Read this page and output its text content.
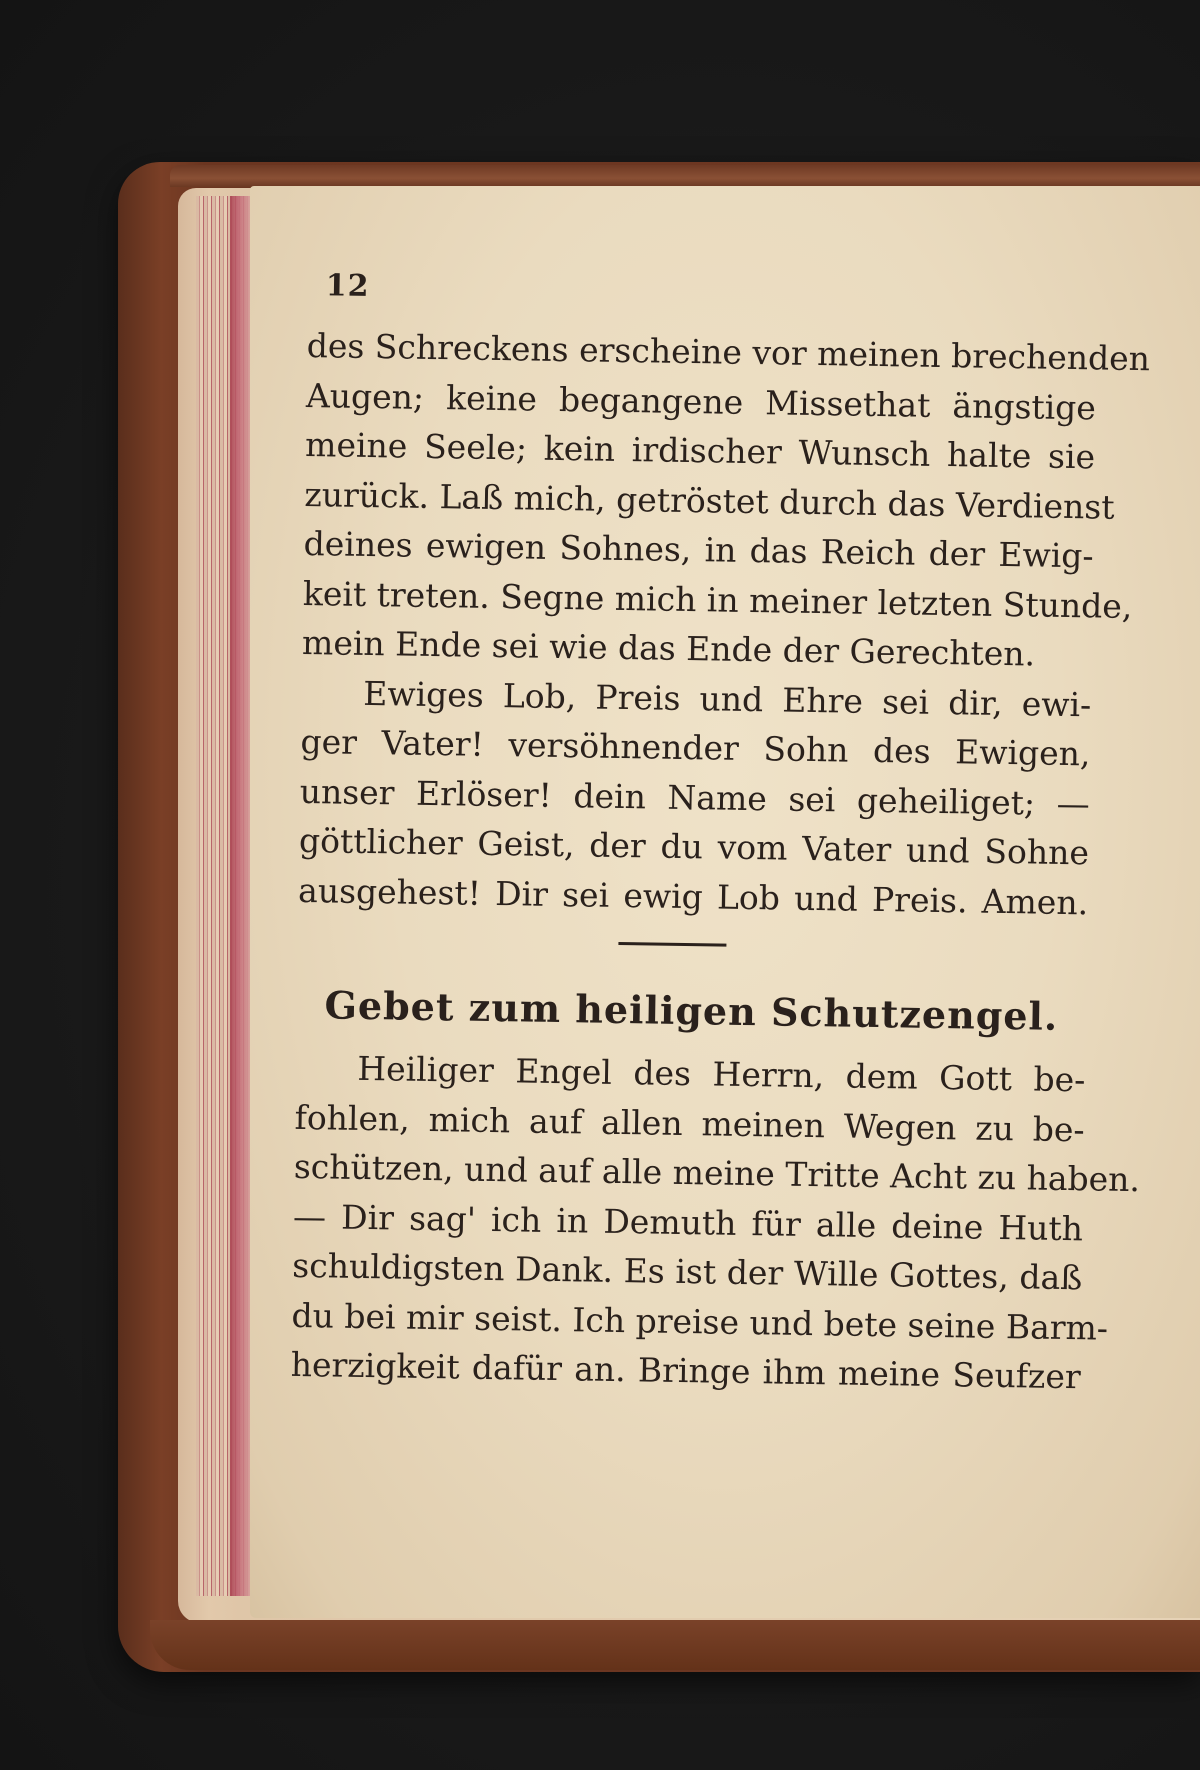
12
des Schreckens erscheine vor meinen brechenden
Augen; keine begangene Missethat ängstige
meine Seele; kein irdischer Wunsch halte sie
zurück. Laß mich, getröstet durch das Verdienst
deines ewigen Sohnes, in das Reich der Ewig-
keit treten. Segne mich in meiner letzten Stunde,
mein Ende sei wie das Ende der Gerechten.
Ewiges Lob, Preis und Ehre sei dir, ewi-
ger Vater! versöhnender Sohn des Ewigen,
unser Erlöser! dein Name sei geheiliget; —
göttlicher Geist, der du vom Vater und Sohne
ausgehest! Dir sei ewig Lob und Preis. Amen.
Gebet zum heiligen Schutzengel.
Heiliger Engel des Herrn, dem Gott be-
fohlen, mich auf allen meinen Wegen zu be-
schützen, und auf alle meine Tritte Acht zu haben.
— Dir sag' ich in Demuth für alle deine Huth
schuldigsten Dank. Es ist der Wille Gottes, daß
du bei mir seist. Ich preise und bete seine Barm-
herzigkeit dafür an. Bringe ihm meine Seufzer
